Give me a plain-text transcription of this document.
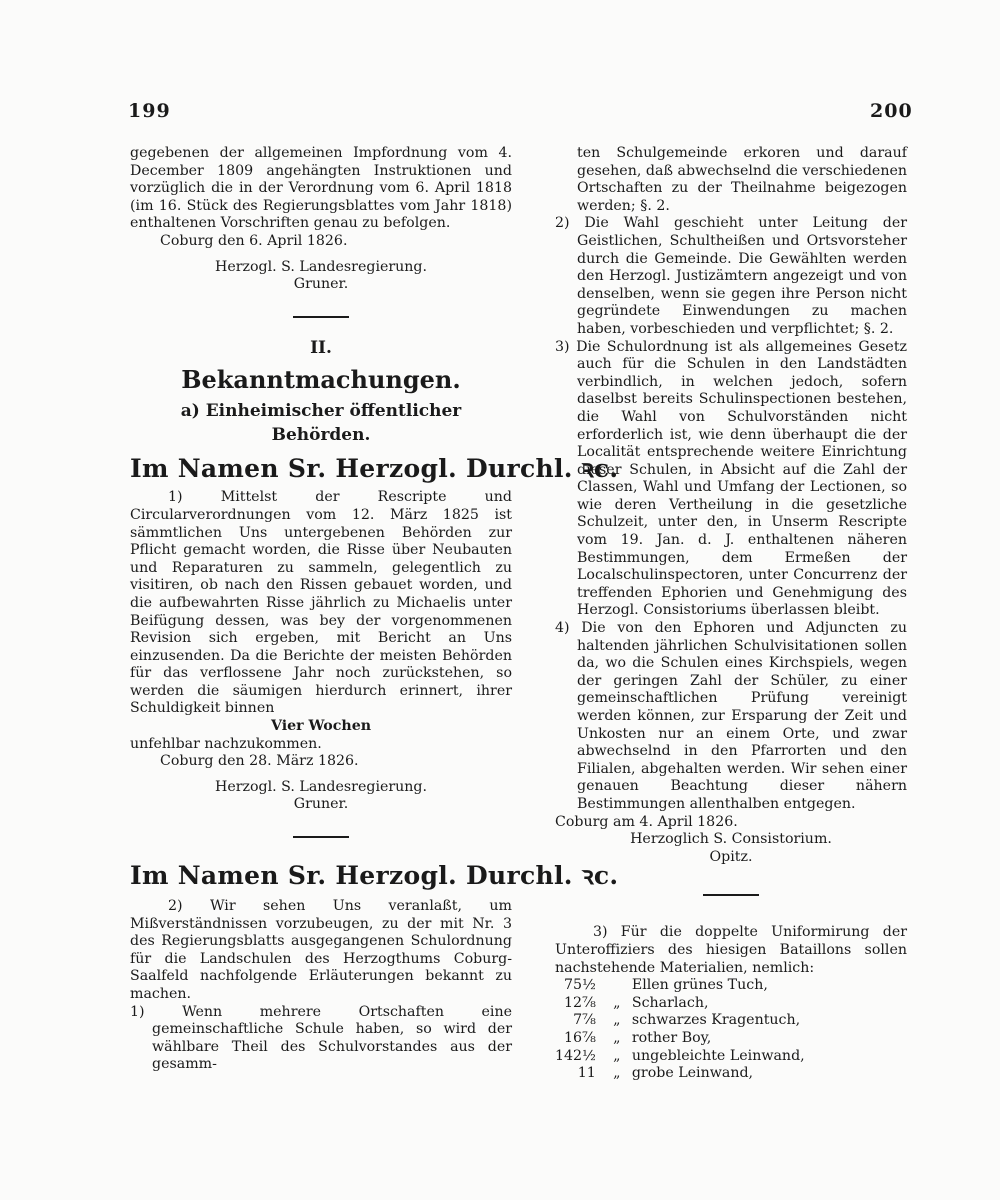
199	200

gegebenen der allgemeinen Impfordnung vom 4. December 1809 angehängten Instruktionen und vorzüglich die in der Verordnung vom 6. April 1818 (im 16. Stück des Regierungsblattes vom Jahr 1818) enthaltenen Vorschriften genau zu befolgen.

Coburg den 6. April 1826.

Herzogl. S. Landesregierung.

Gruner.

II.

Bekanntmachungen.

a) Einheimischer öffentlicher Behörden.

Im Namen Sr. Herzogl. Durchl. ꝛc.

1) Mittelst der Rescripte und Circularverordnungen vom 12. März 1825 ist sämmtlichen Uns untergebenen Behörden zur Pflicht gemacht worden, die Risse über Neubauten und Reparaturen zu sammeln, gelegentlich zu visitiren, ob nach den Rissen gebauet worden, und die aufbewahrten Risse jährlich zu Michaelis unter Beifügung dessen, was bey der vorgenommenen Revision sich ergeben, mit Bericht an Uns einzusenden. Da die Berichte der meisten Behörden für das verflossene Jahr noch zurückstehen, so werden die säumigen hierdurch erinnert, ihrer Schuldigkeit binnen

Vier Wochen

unfehlbar nachzukommen.

Coburg den 28. März 1826.

Herzogl. S. Landesregierung.

Gruner.

Im Namen Sr. Herzogl. Durchl. ꝛc.

2) Wir sehen Uns veranlaßt, um Mißverständnissen vorzubeugen, zu der mit Nr. 3 des Regierungsblatts ausgegangenen Schulordnung für die Landschulen des Herzogthums Coburg-Saalfeld nachfolgende Erläuterungen bekannt zu machen.

1) Wenn mehrere Ortschaften eine gemeinschaftliche Schule haben, so wird der wählbare Theil des Schulvorstandes aus der gesamm-

ten Schulgemeinde erkoren und darauf gesehen, daß abwechselnd die verschiedenen Ortschaften zu der Theilnahme beigezogen werden; §. 2.

2) Die Wahl geschieht unter Leitung der Geistlichen, Schultheißen und Ortsvorsteher durch die Gemeinde. Die Gewählten werden den Herzogl. Justizämtern angezeigt und von denselben, wenn sie gegen ihre Person nicht gegründete Einwendungen zu machen haben, vorbeschieden und verpflichtet; §. 2.

3) Die Schulordnung ist als allgemeines Gesetz auch für die Schulen in den Landstädten verbindlich, in welchen jedoch, sofern daselbst bereits Schulinspectionen bestehen, die Wahl von Schulvorständen nicht erforderlich ist, wie denn überhaupt die der Localität entsprechende weitere Einrichtung dieser Schulen, in Absicht auf die Zahl der Classen, Wahl und Umfang der Lectionen, so wie deren Vertheilung in die gesetzliche Schulzeit, unter den, in Unserm Rescripte vom 19. Jan. d. J. enthaltenen näheren Bestimmungen, dem Ermeßen der Localschulinspectoren, unter Concurrenz der treffenden Ephorien und Genehmigung des Herzogl. Consistoriums überlassen bleibt.

4) Die von den Ephoren und Adjuncten zu haltenden jährlichen Schulvisitationen sollen da, wo die Schulen eines Kirchspiels, wegen der geringen Zahl der Schüler, zu einer gemeinschaftlichen Prüfung vereinigt werden können, zur Ersparung der Zeit und Unkosten nur an einem Orte, und zwar abwechselnd in den Pfarrorten und den Filialen, abgehalten werden. Wir sehen einer genauen Beachtung dieser nähern Bestimmungen allenthalben entgegen.

Coburg am 4. April 1826.

Herzoglich S. Consistorium.

Opitz.

3) Für die doppelte Uniformirung der Unteroffiziers des hiesigen Bataillons sollen nachstehende Materialien, nemlich:

75½		Ellen grünes Tuch,
12⅞	„	Scharlach,
7⅞	„	schwarzes Kragentuch,
16⅞	„	rother Boy,
142½	„	ungebleichte Leinwand,
11	„	grobe Leinwand,
